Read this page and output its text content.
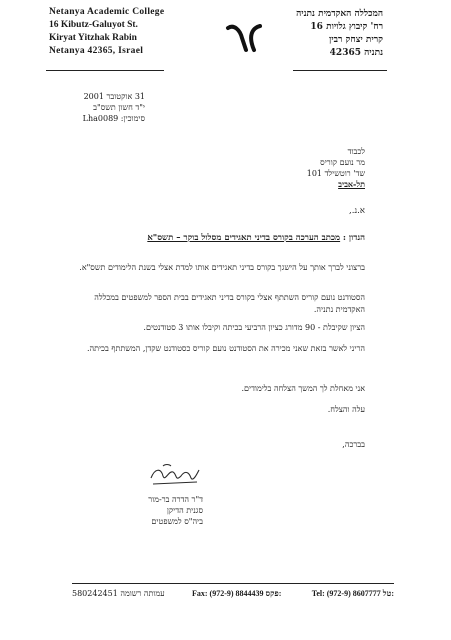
Netanya Academic College
16 Kibutz-Galuyot St.
Kiryat Yitzhak Rabin
Netanya 42365, Israel
המכללה האקדמית נתניה
רח' קיבוץ גלויות 16
קרית יצחק רבין
נתניה 42365
31 אוקטובר 2001
י"ד חשון תשס"ב
סימוכין: Lha0089
לכבוד
מר נועם קוריס
שד' רוטשילד 101
תל-אביב
א.נ.,
הנדון : מכתב הערכה בקורס בדיני תאגידים מסלול בוקר – תשס"א
ברצוני לברך אותך על הישגך בקורס בדיני תאגידים אותו למדת אצלי בשנת הלימודים תשס"א.
הסטודנט נועם קוריס השתתף אצלי בקורס בדיני תאגידים בבית הספר למשפטים במכללה האקדמית נתניה.
הציון שקיבלת - 90 מדורג כציון הרביעי בכיתה וקיבלו אותו 3 סטודנטים.
הריני לאשר בזאת שאני מכירה את הסטודנט נועם קוריס כסטודנט שקדן, המשתתף בכיתה.
אני מאחלת לך המשך הצלחה בלימודים.
עלה והצלח.
בברכה,
ד"ר הדרה בר-מור
סגנית הדיקן
ביה"ס למשפטים
עמותה רשומה 580242451	Fax: (972-9) 8844439 פקס:	Tel: (972-9) 8607777 טל:
